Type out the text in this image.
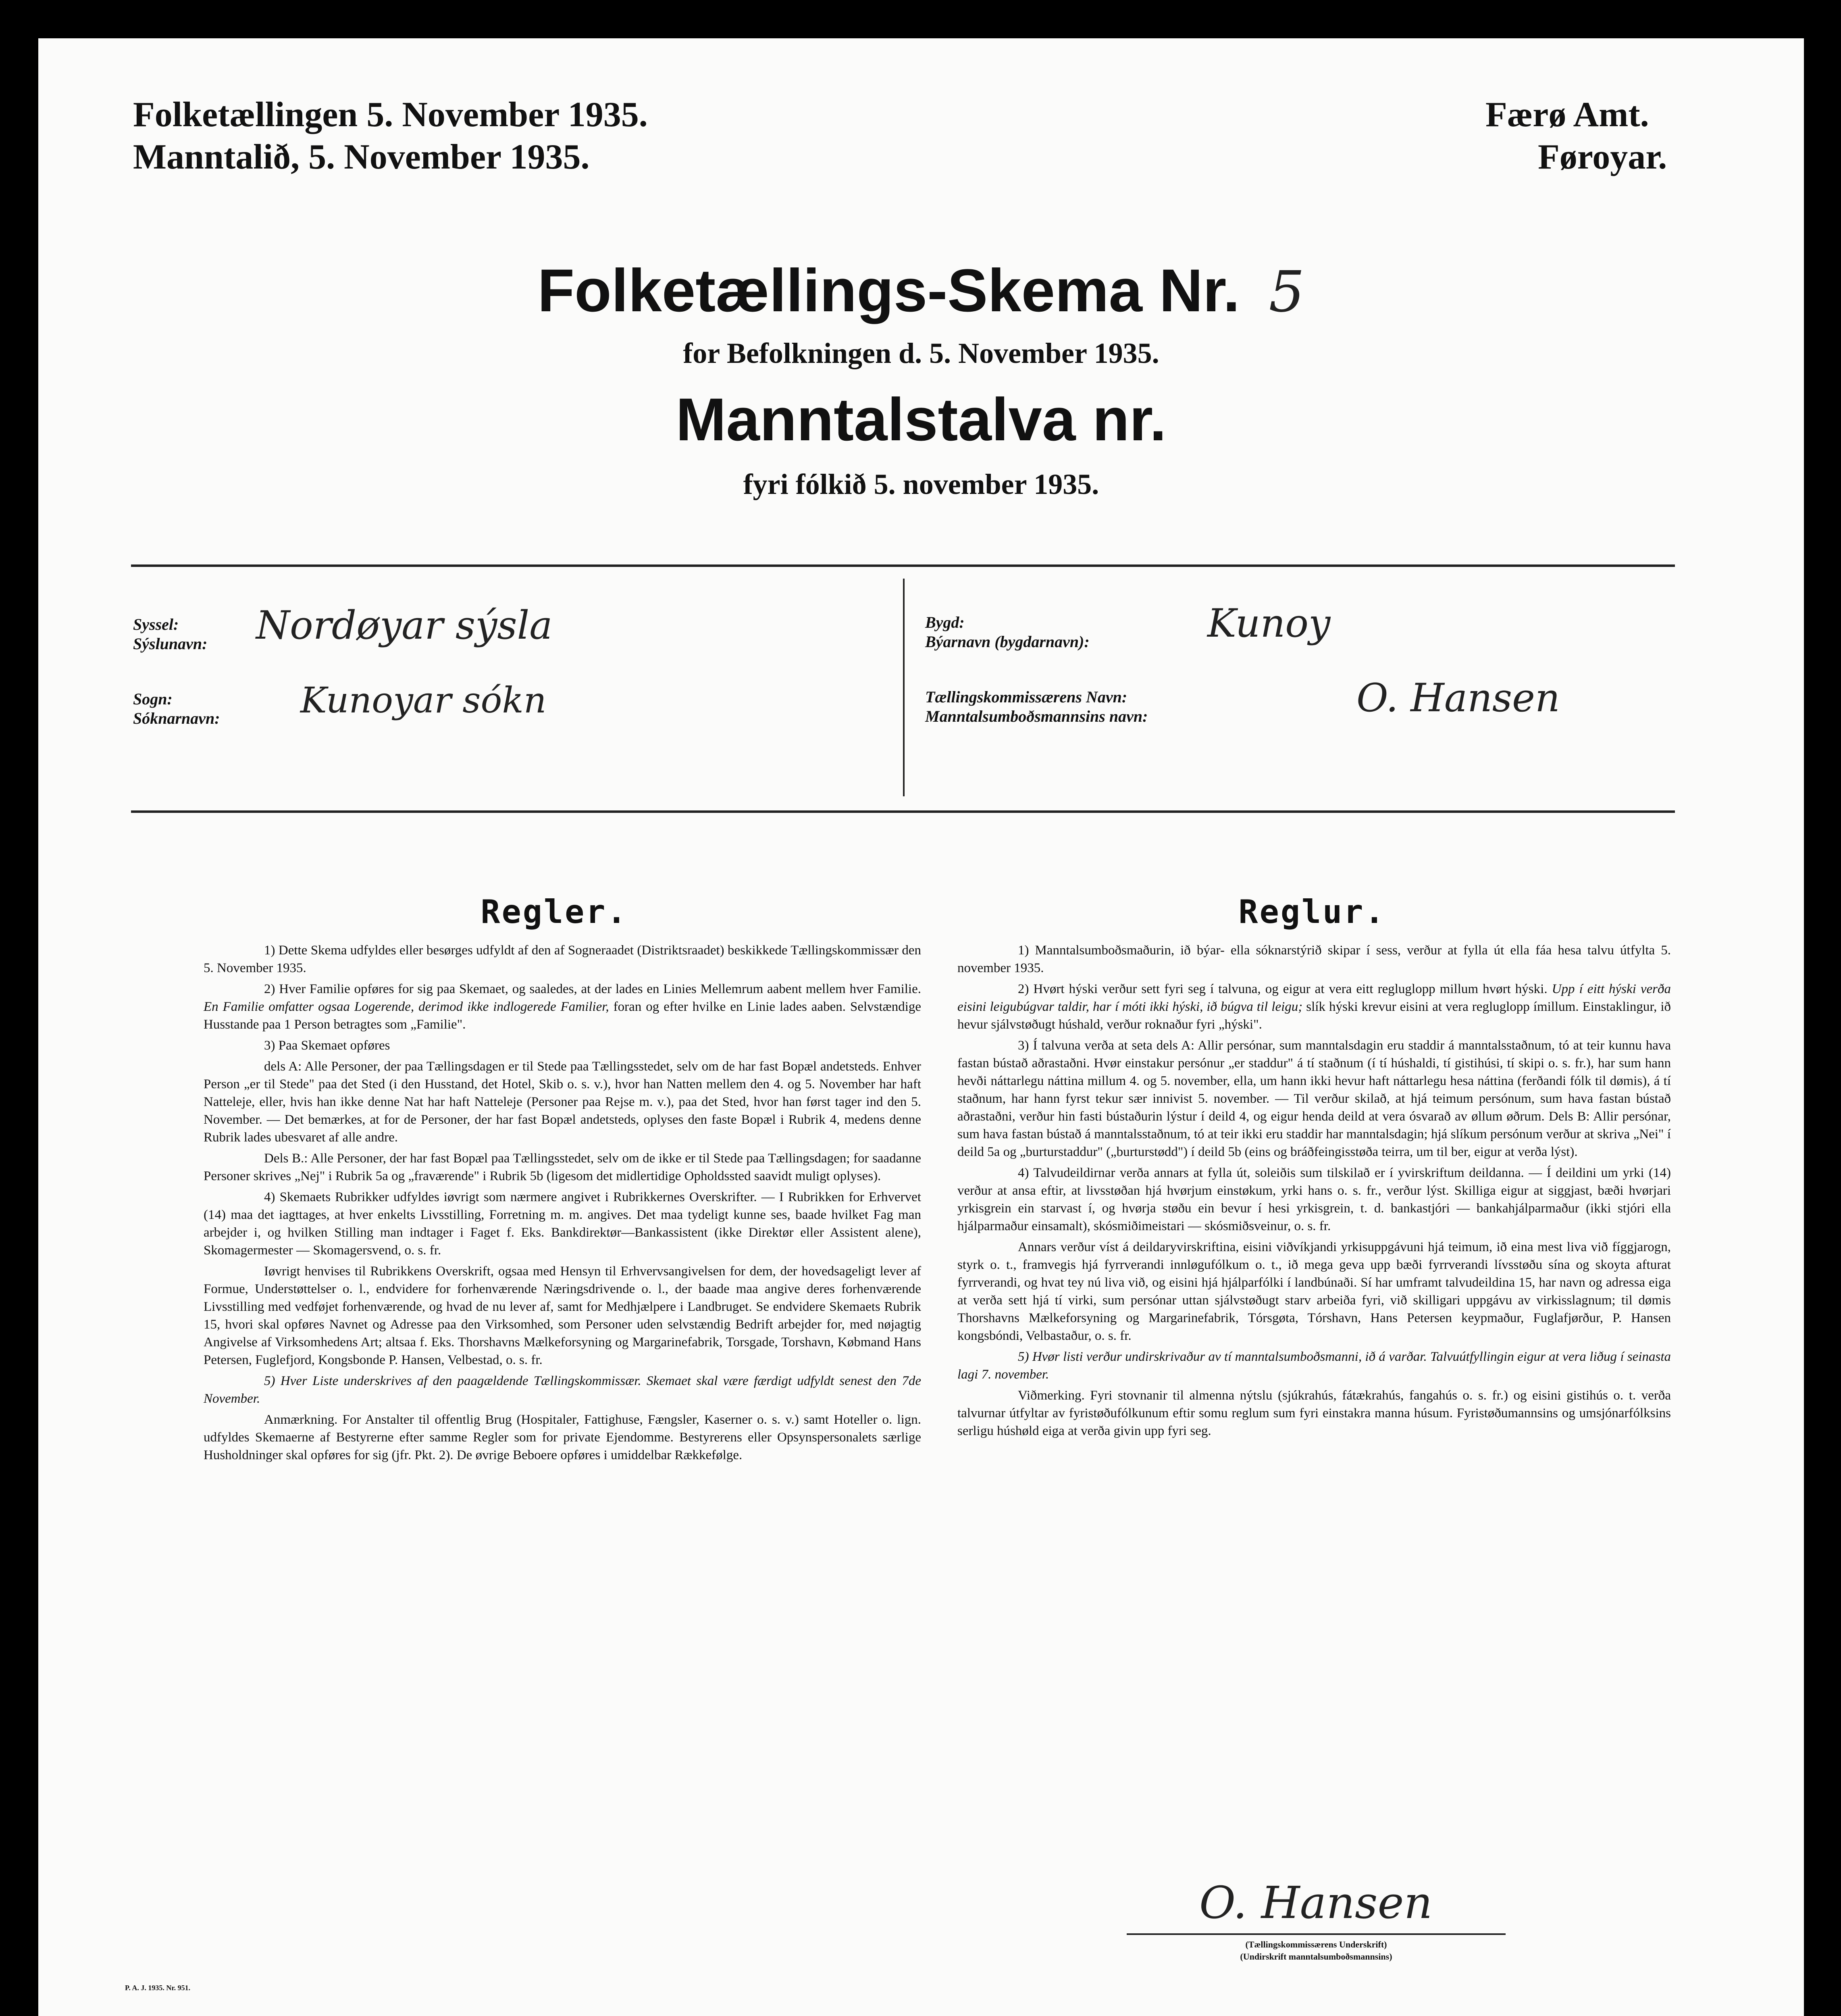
Folketællingen 5. November 1935.
Manntalið, 5. November 1935.
Færø Amt.
Føroyar.
Folketællings-Skema Nr. 5
for Befolkningen d. 5. November 1935.
Manntalstalva nr.
fyri fólkið 5. november 1935.
Syssel:
Sýslunavn: Nordøyar sýsla
Sogn:
Sóknarnavn: Kunoyar sókn
Bygd:
Býarnavn (bygdarnavn):	Kunoy
Tællingskommissærens Navn:
Manntalsumboðsmannsins navn:	O. Hansen
Regler.

1) Dette Skema udfyldes eller besørges udfyldt af den af Sogneraadet (Distriktsraadet) beskikkede Tællingskommissær den 5. November 1935.

2) Hver Familie opføres for sig paa Skemaet, og saaledes, at der lades en Linies Mellemrum aabent mellem hver Familie. En Familie omfatter ogsaa Logerende, derimod ikke indlogerede Familier, foran og efter hvilke en Linie lades aaben. Selvstændige Husstande paa 1 Person betragtes som „Familie".

3) Paa Skemaet opføres

dels A: Alle Personer, der paa Tællingsdagen er til Stede paa Tællingsstedet, selv om de har fast Bopæl andetsteds. Enhver Person „er til Stede" paa det Sted (i den Husstand, det Hotel, Skib o. s. v.), hvor han Natten mellem den 4. og 5. November har haft Natteleje, eller, hvis han ikke denne Nat har haft Natteleje (Personer paa Rejse m. v.), paa det Sted, hvor han først tager ind den 5. November. — Det bemærkes, at for de Personer, der har fast Bopæl andetsteds, oplyses den faste Bopæl i Rubrik 4, medens denne Rubrik lades ubesvaret af alle andre.

Dels B.: Alle Personer, der har fast Bopæl paa Tællingsstedet, selv om de ikke er til Stede paa Tællingsdagen; for saadanne Personer skrives „Nej" i Rubrik 5a og „fraværende" i Rubrik 5b (ligesom det midlertidige Opholdssted saavidt muligt oplyses).

4) Skemaets Rubrikker udfyldes iøvrigt som nærmere angivet i Rubrikkernes Overskrifter. — I Rubrikken for Erhvervet (14) maa det iagttages, at hver enkelts Livsstilling, Forretning m. m. angives. Det maa tydeligt kunne ses, baade hvilket Fag man arbejder i, og hvilken Stilling man indtager i Faget f. Eks. Bankdirektør—Bankassistent (ikke Direktør eller Assistent alene), Skomagermester — Skomagersvend, o. s. fr.

Iøvrigt henvises til Rubrikkens Overskrift, ogsaa med Hensyn til Erhvervsangivelsen for dem, der hovedsageligt lever af Formue, Understøttelser o. l., endvidere for forhenværende Næringsdrivende o. l., der baade maa angive deres forhenværende Livsstilling med vedføjet forhenværende, og hvad de nu lever af, samt for Medhjælpere i Landbruget. Se endvidere Skemaets Rubrik 15, hvori skal opføres Navnet og Adresse paa den Virksomhed, som Personer uden selvstændig Bedrift arbejder for, med nøjagtig Angivelse af Virksomhedens Art; altsaa f. Eks. Thorshavns Mælkeforsyning og Margarinefabrik, Torsgade, Torshavn, Købmand Hans Petersen, Fuglefjord, Kongsbonde P. Hansen, Velbestad, o. s. fr.

5) Hver Liste underskrives af den paagældende Tællingskommissær. Skemaet skal være færdigt udfyldt senest den 7de November.

Anmærkning. For Anstalter til offentlig Brug (Hospitaler, Fattighuse, Fængsler, Kaserner o. s. v.) samt Hoteller o. lign. udfyldes Skemaerne af Bestyrerne efter samme Regler som for private Ejendomme. Bestyrerens eller Opsynspersonalets særlige Husholdninger skal opføres for sig (jfr. Pkt. 2). De øvrige Beboere opføres i umiddelbar Rækkefølge.

Reglur.

1) Manntalsumboðsmaðurin, ið býar- ella sóknarstýrið skipar í sess, verður at fylla út ella fáa hesa talvu útfylta 5. november 1935.

2) Hvørt hýski verður sett fyri seg í talvuna, og eigur at vera eitt regluglopp millum hvørt hýski. Upp í eitt hýski verða eisini leigubúgvar taldir, har í móti ikki hýski, ið búgva til leigu; slík hýski krevur eisini at vera regluglopp ímillum. Einstaklingur, ið hevur sjálvstøðugt húshald, verður roknaður fyri „hýski".

3) Í talvuna verða at seta dels A: Allir persónar, sum manntalsdagin eru staddir á manntalsstaðnum, tó at teir kunnu hava fastan bústað aðrastaðni. Hvør einstakur persónur „er staddur" á tí staðnum (í tí húshaldi, tí gistihúsi, tí skipi o. s. fr.), har sum hann hevði náttarlegu náttina millum 4. og 5. november, ella, um hann ikki hevur haft náttarlegu hesa náttina (ferðandi fólk til dømis), á tí staðnum, har hann fyrst tekur sær innivist 5. november. — Til verður skilað, at hjá teimum persónum, sum hava fastan bústað aðrastaðni, verður hin fasti bústaðurin lýstur í deild 4, og eigur henda deild at vera ósvarað av øllum øðrum. Dels B: Allir persónar, sum hava fastan bústað á manntalsstaðnum, tó at teir ikki eru staddir har manntalsdagin; hjá slíkum persónum verður at skriva „Nei" í deild 5a og „burturstaddur" („burturstødd") í deild 5b (eins og bráðfeingisstøða teirra, um til ber, eigur at verða lýst).

4) Talvudeildirnar verða annars at fylla út, soleiðis sum tilskilað er í yvirskriftum deildanna. — Í deildini um yrki (14) verður at ansa eftir, at livsstøðan hjá hvørjum einstøkum, yrki hans o. s. fr., verður lýst. Skilliga eigur at siggjast, bæði hvørjari yrkisgrein ein starvast í, og hvørja støðu ein bevur í hesi yrkisgrein, t. d. bankastjóri — bankahjálparmaður (ikki stjóri ella hjálparmaður einsamalt), skósmiðimeistari — skósmiðsveinur, o. s. fr.

Annars verður víst á deildaryvirskriftina, eisini viðvíkjandi yrkisuppgávuni hjá teimum, ið eina mest liva við fíggjarogn, styrk o. t., framvegis hjá fyrrverandi innløgufólkum o. t., ið mega geva upp bæði fyrrverandi lívsstøðu sína og skoyta afturat fyrrverandi, og hvat tey nú liva við, og eisini hjá hjálparfólki í landbúnaði. Sí har umframt talvudeildina 15, har navn og adressa eiga at verða sett hjá tí virki, sum persónar uttan sjálvstøðugt starv arbeiða fyri, við skilligari uppgávu av virkisslagnum; til dømis Thorshavns Mælkeforsyning og Margarinefabrik, Tórsgøta, Tórshavn, Hans Petersen keypmaður, Fuglafjørður, P. Hansen kongsbóndi, Velbastaður, o. s. fr.

5) Hvør listi verður undirskrivaður av tí manntalsumboðsmanni, ið á varðar. Talvuútfyllingin eigur at vera liðug í seinasta lagi 7. november.

Viðmerking. Fyri stovnanir til almenna nýtslu (sjúkrahús, fátækrahús, fangahús o. s. fr.) og eisini gistihús o. t. verða talvurnar útfyltar av fyristøðufólkunum eftir somu reglum sum fyri einstakra manna húsum. Fyristøðumannsins og umsjónarfólksins serligu húshøld eiga at verða givin upp fyri seg.

O. Hansen
(Tællingskommissærens Underskrift)
(Undirskrift manntalsumboðsmannsins)
P. A. J. 1935. Nr. 951.
